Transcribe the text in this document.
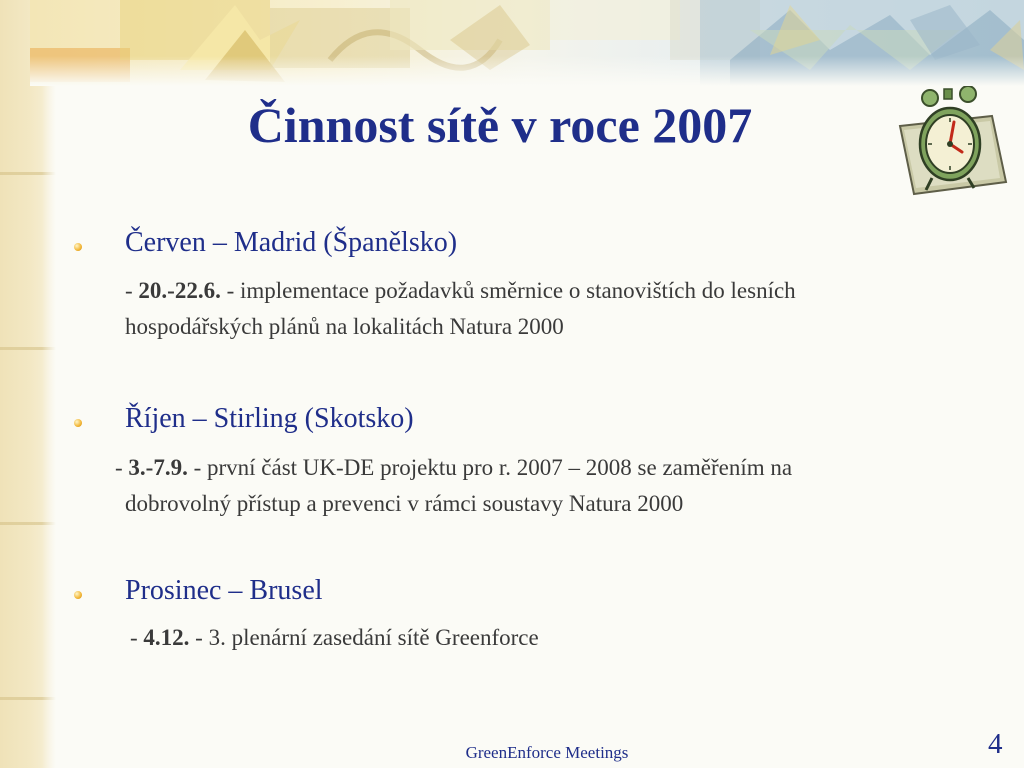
Činnost sítě v roce 2007
Červen – Madrid (Španělsko)
- 20.-22.6. - implementace požadavků směrnice o stanovištích do lesních
hospodářských plánů na lokalitách Natura 2000
Říjen – Stirling (Skotsko)
- 3.-7.9. - první část UK-DE projektu pro r. 2007 – 2008 se zaměřením na
dobrovolný přístup a prevenci v rámci soustavy Natura 2000
Prosinec – Brusel
- 4.12. - 3. plenární zasedání sítě Greenforce
GreenEnforce Meetings	4
